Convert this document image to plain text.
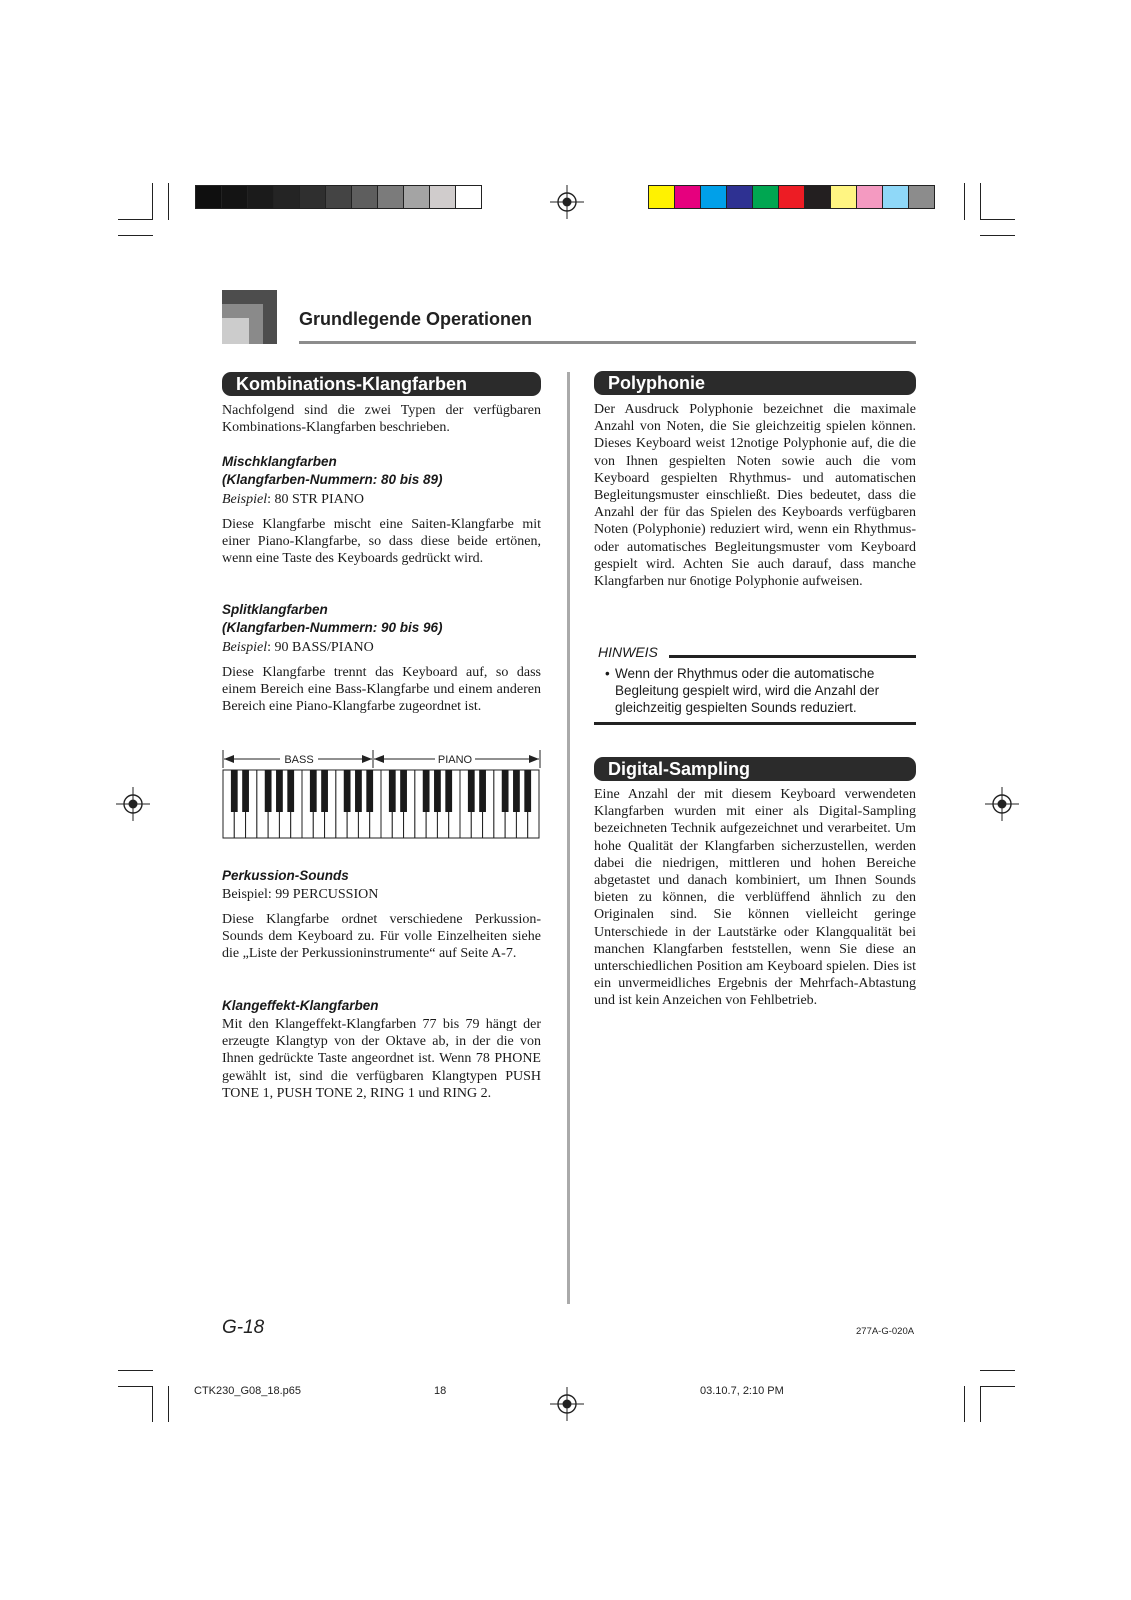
Grundlegende Operationen
Kombinations-Klangfarben

Nachfolgend sind die zwei Typen der verfügbaren Kombinations-Klangfarben beschrieben.

Mischklangfarben
(Klangfarben-Nummern: 80 bis 89)
Beispiel: 80 STR PIANO

Diese Klangfarbe mischt eine Saiten-Klangfarbe mit einer Piano-Klangfarbe, so dass diese beide ertönen, wenn eine Taste des Keyboards gedrückt wird.

Splitklangfarben
(Klangfarben-Nummern: 90 bis 96)
Beispiel: 90 BASS/PIANO

Diese Klangfarbe trennt das Keyboard auf, so dass einem Bereich eine Bass-Klangfarbe und einem anderen Bereich eine Piano-Klangfarbe zugeordnet ist.

BASS	PIANO
Perkussion-Sounds
Beispiel: 99 PERCUSSION

Diese Klangfarbe ordnet verschiedene Perkussion-Sounds dem Keyboard zu. Für volle Einzelheiten siehe die „Liste der Perkussioninstrumente“ auf Seite A-7.

Klangeffekt-Klangfarben

Mit den Klangeffekt-Klangfarben 77 bis 79 hängt der erzeugte Klangtyp von der Oktave ab, in der die von Ihnen gedrückte Taste angeordnet ist. Wenn 78 PHONE gewählt ist, sind die verfügbaren Klangtypen PUSH TONE 1, PUSH TONE 2, RING 1 und RING 2.

Polyphonie

Der Ausdruck Polyphonie bezeichnet die maximale Anzahl von Noten, die Sie gleichzeitig spielen können. Dieses Keyboard weist 12notige Polyphonie auf, die die von Ihnen gespielten Noten sowie auch die vom Keyboard gespielten Rhythmus- und automatischen Begleitungsmuster einschließt. Dies bedeutet, dass die Anzahl der für das Spielen des Keyboards verfügbaren Noten (Polyphonie) reduziert wird, wenn ein Rhythmus- oder automatisches Begleitungsmuster vom Keyboard gespielt wird. Achten Sie auch darauf, dass manche Klangfarben nur 6notige Polyphonie aufweisen.

HINWEIS
• Wenn der Rhythmus oder die automatische Begleitung gespielt wird, wird die Anzahl der gleichzeitig gespielten Sounds reduziert.
Digital-Sampling

Eine Anzahl der mit diesem Keyboard verwendeten Klangfarben wurden mit einer als Digital-Sampling bezeichneten Technik aufgezeichnet und verarbeitet. Um hohe Qualität der Klangfarben sicherzustellen, werden dabei die niedrigen, mittleren und hohen Bereiche abgetastet und danach kombiniert, um Ihnen Sounds bieten zu können, die verblüffend ähnlich zu den Originalen sind. Sie können vielleicht geringe Unterschiede in der Lautstärke oder Klangqualität bei manchen Klangfarben feststellen, wenn Sie diese an unterschiedlichen Position am Keyboard spielen. Dies ist ein unvermeidliches Ergebnis der Mehrfach-Abtastung und ist kein Anzeichen von Fehlbetrieb.

G-18	277A-G-020A
CTK230_G08_18.p65	18	03.10.7, 2:10 PM
